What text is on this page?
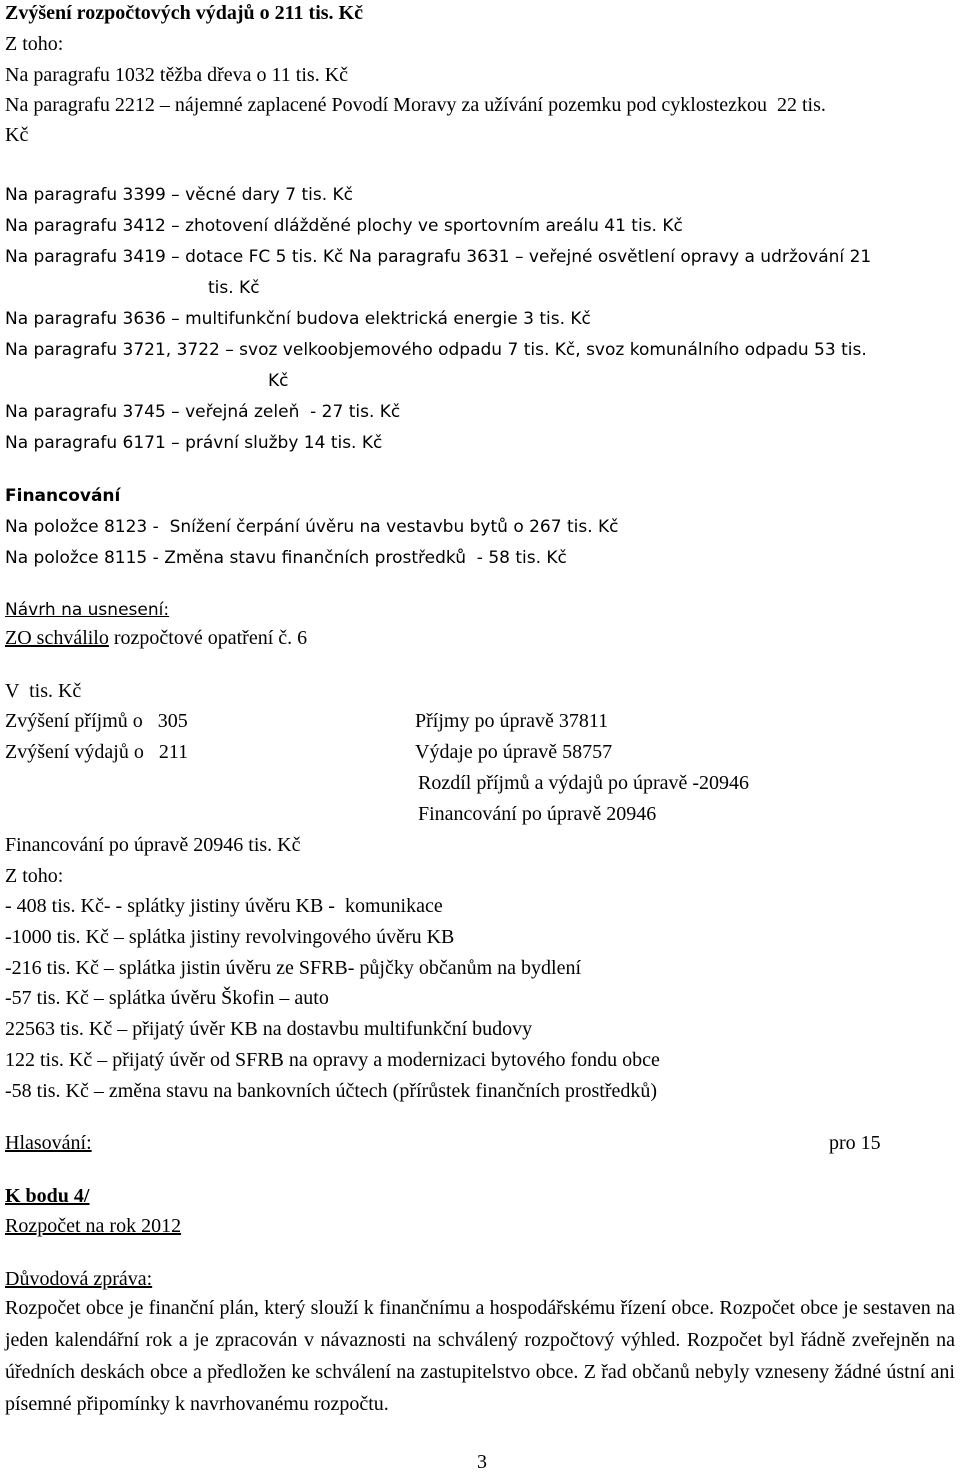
Zvýšení rozpočtových výdajů o 211 tis. Kč
Z toho:
Na paragrafu 1032 těžba dřeva o 11 tis. Kč
Na paragrafu 2212 – nájemné zaplacené Povodí Moravy za užívání pozemku pod cyklostezkou  22 tis.
Kč
Na paragrafu 3399 – věcné dary 7 tis. Kč
Na paragrafu 3412 – zhotovení dlážděné plochy ve sportovním areálu 41 tis. Kč
Na paragrafu 3419 – dotace FC 5 tis. Kč Na paragrafu 3631 – veřejné osvětlení opravy a udržování 21
tis. Kč
Na paragrafu 3636 – multifunkční budova elektrická energie 3 tis. Kč
Na paragrafu 3721, 3722 – svoz velkoobjemového odpadu 7 tis. Kč, svoz komunálního odpadu 53 tis.
Kč
Na paragrafu 3745 – veřejná zeleň  - 27 tis. Kč
Na paragrafu 6171 – právní služby 14 tis. Kč
Financování
Na položce 8123 -  Snížení čerpání úvěru na vestavbu bytů o 267 tis. Kč
Na položce 8115 - Změna stavu finančních prostředků  - 58 tis. Kč
Návrh na usnesení:
ZO schválilo rozpočtové opatření č. 6
V  tis. Kč
Zvýšení příjmů o   305	Příjmy po úpravě 37811
Zvýšení výdajů o   211	Výdaje po úpravě 58757
Rozdíl příjmů a výdajů po úpravě -20946
Financování po úpravě 20946
Financování po úpravě 20946 tis. Kč
Z toho:
- 408 tis. Kč- - splátky jistiny úvěru KB -  komunikace
-1000 tis. Kč – splátka jistiny revolvingového úvěru KB
-216 tis. Kč – splátka jistin úvěru ze SFRB- půjčky občanům na bydlení
-57 tis. Kč – splátka úvěru Škofin – auto
22563 tis. Kč – přijatý úvěr KB na dostavbu multifunkční budovy
122 tis. Kč – přijatý úvěr od SFRB na opravy a modernizaci bytového fondu obce
-58 tis. Kč – změna stavu na bankovních účtech (přírůstek finančních prostředků)
Hlasování:	pro 15
K bodu 4/
Rozpočet na rok 2012
Důvodová zpráva:
Rozpočet obce je finanční plán, který slouží k finančnímu a hospodářskému řízení obce. Rozpočet obce je sestaven na jeden kalendářní rok a je zpracován v návaznosti na schválený rozpočtový výhled. Rozpočet byl řádně zveřejněn na úředních deskách obce a předložen ke schválení na zastupitelstvo obce. Z řad občanů nebyly vzneseny žádné ústní ani písemné připomínky k navrhovanému rozpočtu.
3
